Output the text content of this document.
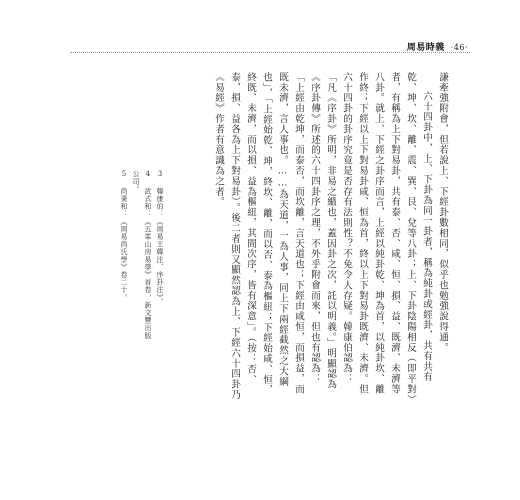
周易時義 ·46·

謙牽強附會，但若說上、下經卦數相同，似乎也勉強說得通。

六十四卦中，上、下卦為同一卦者，稱為純卦或經卦，共有共有乾、坤、坎、離、震、巽、艮、兌等八卦；上、下卦陰陽相反（即平對）者，有稱為上下對易卦，共有泰、否、咸、恒、損、益、既濟、未濟等八卦。就上、下經之卦序而言，上經以純卦乾、坤為首，以純卦坎、離作終；下經以上下對易卦咸、恒為首，終以上下對易卦既濟、未濟。但六十四卦的卦序究竟是否存有法則性？不免令人存疑。韓康伯認為：「凡《序卦》所明，非易之縕也，蓋因卦之次，託以明義。」明顯認為《序卦傳》所述的六十四卦序之理，不外乎附會而來，但也有認為：「上經由乾坤，而泰否，而坎離，言天道也；下經由咸恒，而損益，而既未濟，言人事也。……為天道，一為人事，同上下兩經截然之大綱也」，「上經始乾、坤，終坎、離，而以否、泰為樞紐；下經始咸、恒，終既、未濟，而以損、益為樞紐，其間次序，皆有深意」。（按：否、泰，損、益各為上下對易卦）。後二者則又顯然認為上、下經六十四卦乃《易經》作者有意識為之者。

3 韓康伯：《周易王韓注．序卦注》。

4 武式和：《五峯山房易學》首卷，新文豐出版公司。

5 尚秉和：《周易尚氏學》卷二十。
